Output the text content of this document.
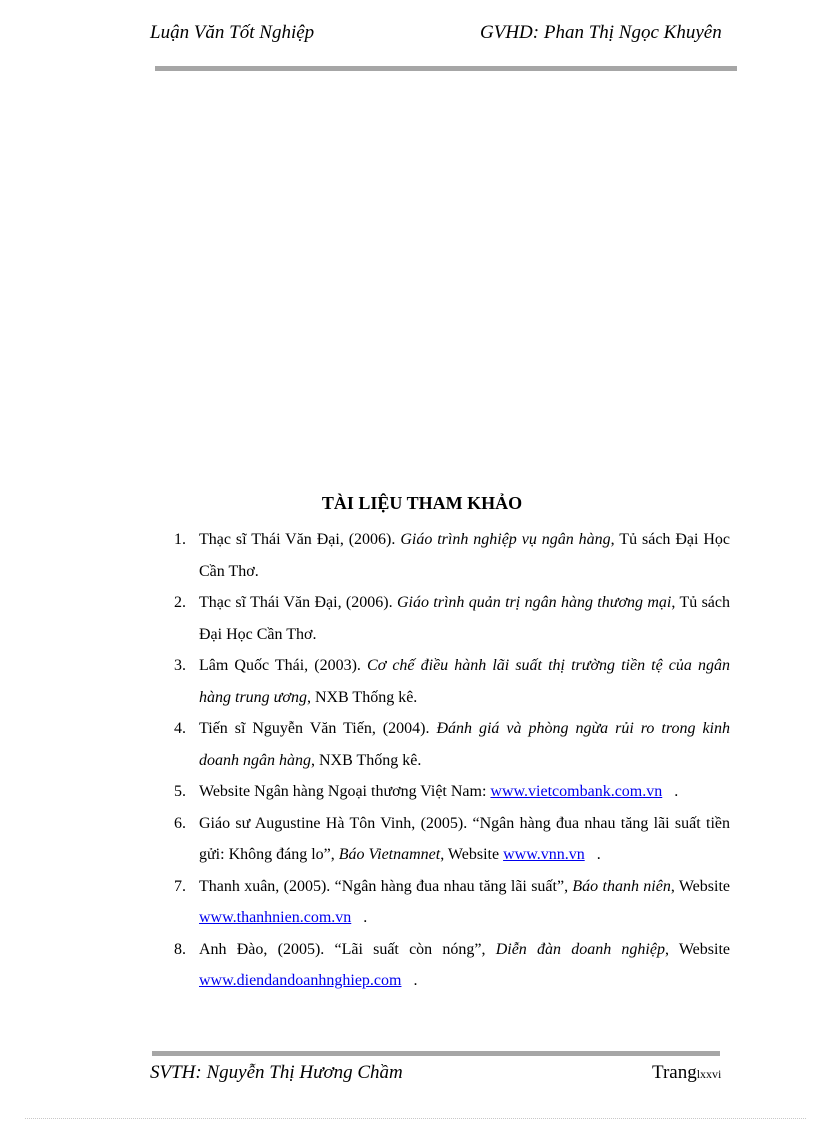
Luận Văn Tốt Nghiệp	GVHD: Phan Thị Ngọc Khuyên
TÀI LIỆU THAM KHẢO
1. Thạc sĩ Thái Văn Đại, (2006). Giáo trình nghiệp vụ ngân hàng, Tủ sách Đại Học Cần Thơ.
2. Thạc sĩ Thái Văn Đại, (2006). Giáo trình quản trị ngân hàng thương mại, Tủ sách Đại Học Cần Thơ.
3. Lâm Quốc Thái, (2003). Cơ chế điều hành lãi suất thị trường tiền tệ của ngân hàng trung ương, NXB Thống kê.
4. Tiến sĩ Nguyễn Văn Tiến, (2004). Đánh giá và phòng ngừa rủi ro trong kinh doanh ngân hàng, NXB Thống kê.
5. Website Ngân hàng Ngoại thương Việt Nam: www.vietcombank.com.vn .
6. Giáo sư Augustine Hà Tôn Vinh, (2005). “Ngân hàng đua nhau tăng lãi suất tiền gửi: Không đáng lo”, Báo Vietnamnet, Website www.vnn.vn .
7. Thanh xuân, (2005). “Ngân hàng đua nhau tăng lãi suất”, Báo thanh niên, Website www.thanhnien.com.vn .
8. Anh Đào, (2005). “Lãi suất còn nóng”, Diễn đàn doanh nghiệp, Website www.diendandoanhnghiep.com .
SVTH: Nguyễn Thị Hương Chầm	Tranglxxvi
